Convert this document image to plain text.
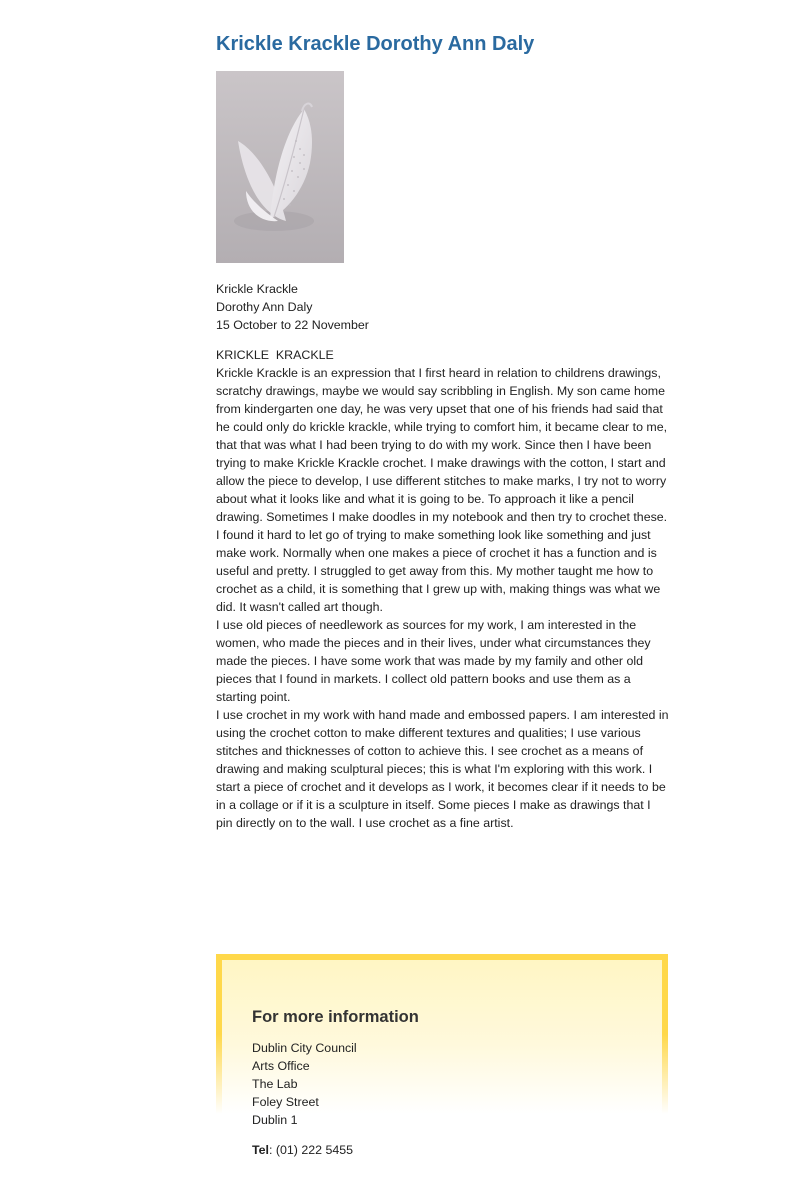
Krickle Krackle Dorothy Ann Daly
Krickle Krackle
Dorothy Ann Daly
15 October to 22 November
KRICKLE  KRACKLE

Krickle Krackle is an expression that I first heard in relation to childrens drawings, scratchy drawings, maybe we would say scribbling in English. My son came home from kindergarten one day, he was very upset that one of his friends had said that he could only do krickle krackle, while trying to comfort him, it became clear to me, that that was what I had been trying to do with my work. Since then I have been trying to make Krickle Krackle crochet. I make drawings with the cotton, I start and allow the piece to develop, I use different stitches to make marks, I try not to worry about what it looks like and what it is going to be. To approach it like a pencil drawing. Sometimes I make doodles in my notebook and then try to crochet these.

I found it hard to let go of trying to make something look like something and just make work. Normally when one makes a piece of crochet it has a function and is useful and pretty. I struggled to get away from this. My mother taught me how to crochet as a child, it is something that I grew up with, making things was what we did. It wasn't called art though.

I use old pieces of needlework as sources for my work, I am interested in the women, who made the pieces and in their lives, under what circumstances they made the pieces. I have some work that was made by my family and other old pieces that I found in markets. I collect old pattern books and use them as a starting point.

I use crochet in my work with hand made and embossed papers. I am interested in using the crochet cotton to make different textures and qualities; I use various stitches and thicknesses of cotton to achieve this. I see crochet as a means of drawing and making sculptural pieces; this is what I'm exploring with this work. I start a piece of crochet and it develops as I work, it becomes clear if it needs to be in a collage or if it is a sculpture in itself. Some pieces I make as drawings that I pin directly on to the wall. I use crochet as a fine artist.

For more information
Dublin City Council
Arts Office
The Lab
Foley Street
Dublin 1
Tel: (01) 222 5455
